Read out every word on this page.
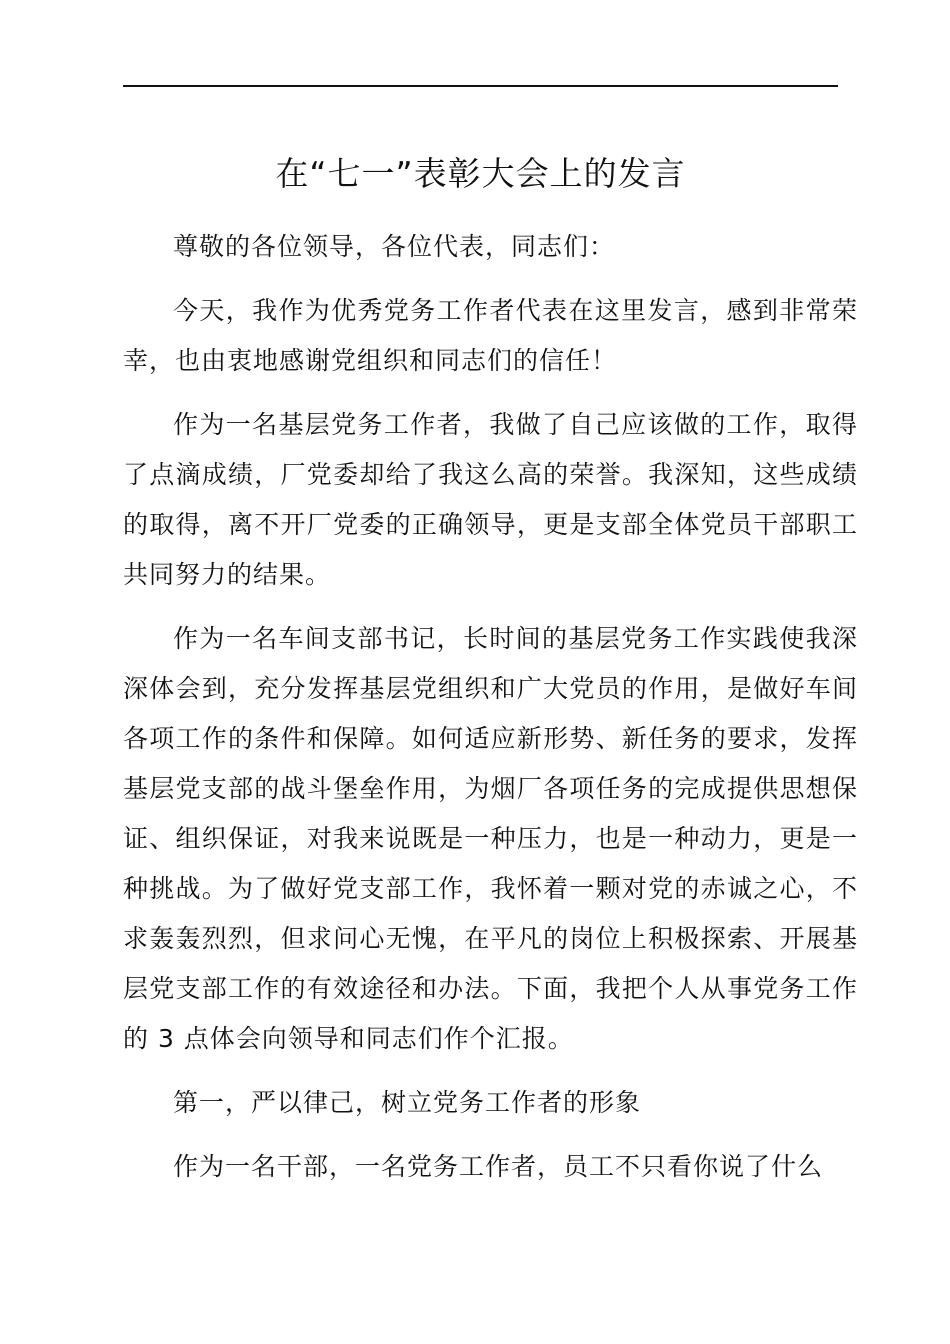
在“七一”表彰大会上的发言

尊敬的各位领导，各位代表，同志们：

今天，我作为优秀党务工作者代表在这里发言，感到非常荣幸，也由衷地感谢党组织和同志们的信任！

作为一名基层党务工作者，我做了自己应该做的工作，取得了点滴成绩，厂党委却给了我这么高的荣誉。我深知，这些成绩的取得，离不开厂党委的正确领导，更是支部全体党员干部职工共同努力的结果。

作为一名车间支部书记，长时间的基层党务工作实践使我深深体会到，充分发挥基层党组织和广大党员的作用，是做好车间各项工作的条件和保障。如何适应新形势、新任务的要求，发挥基层党支部的战斗堡垒作用，为烟厂各项任务的完成提供思想保证、组织保证，对我来说既是一种压力，也是一种动力，更是一种挑战。为了做好党支部工作，我怀着一颗对党的赤诚之心，不求轰轰烈烈，但求问心无愧，在平凡的岗位上积极探索、开展基层党支部工作的有效途径和办法。下面，我把个人从事党务工作的 3 点体会向领导和同志们作个汇报。

第一，严以律己，树立党务工作者的形象

作为一名干部，一名党务工作者，员工不只看你说了什么
